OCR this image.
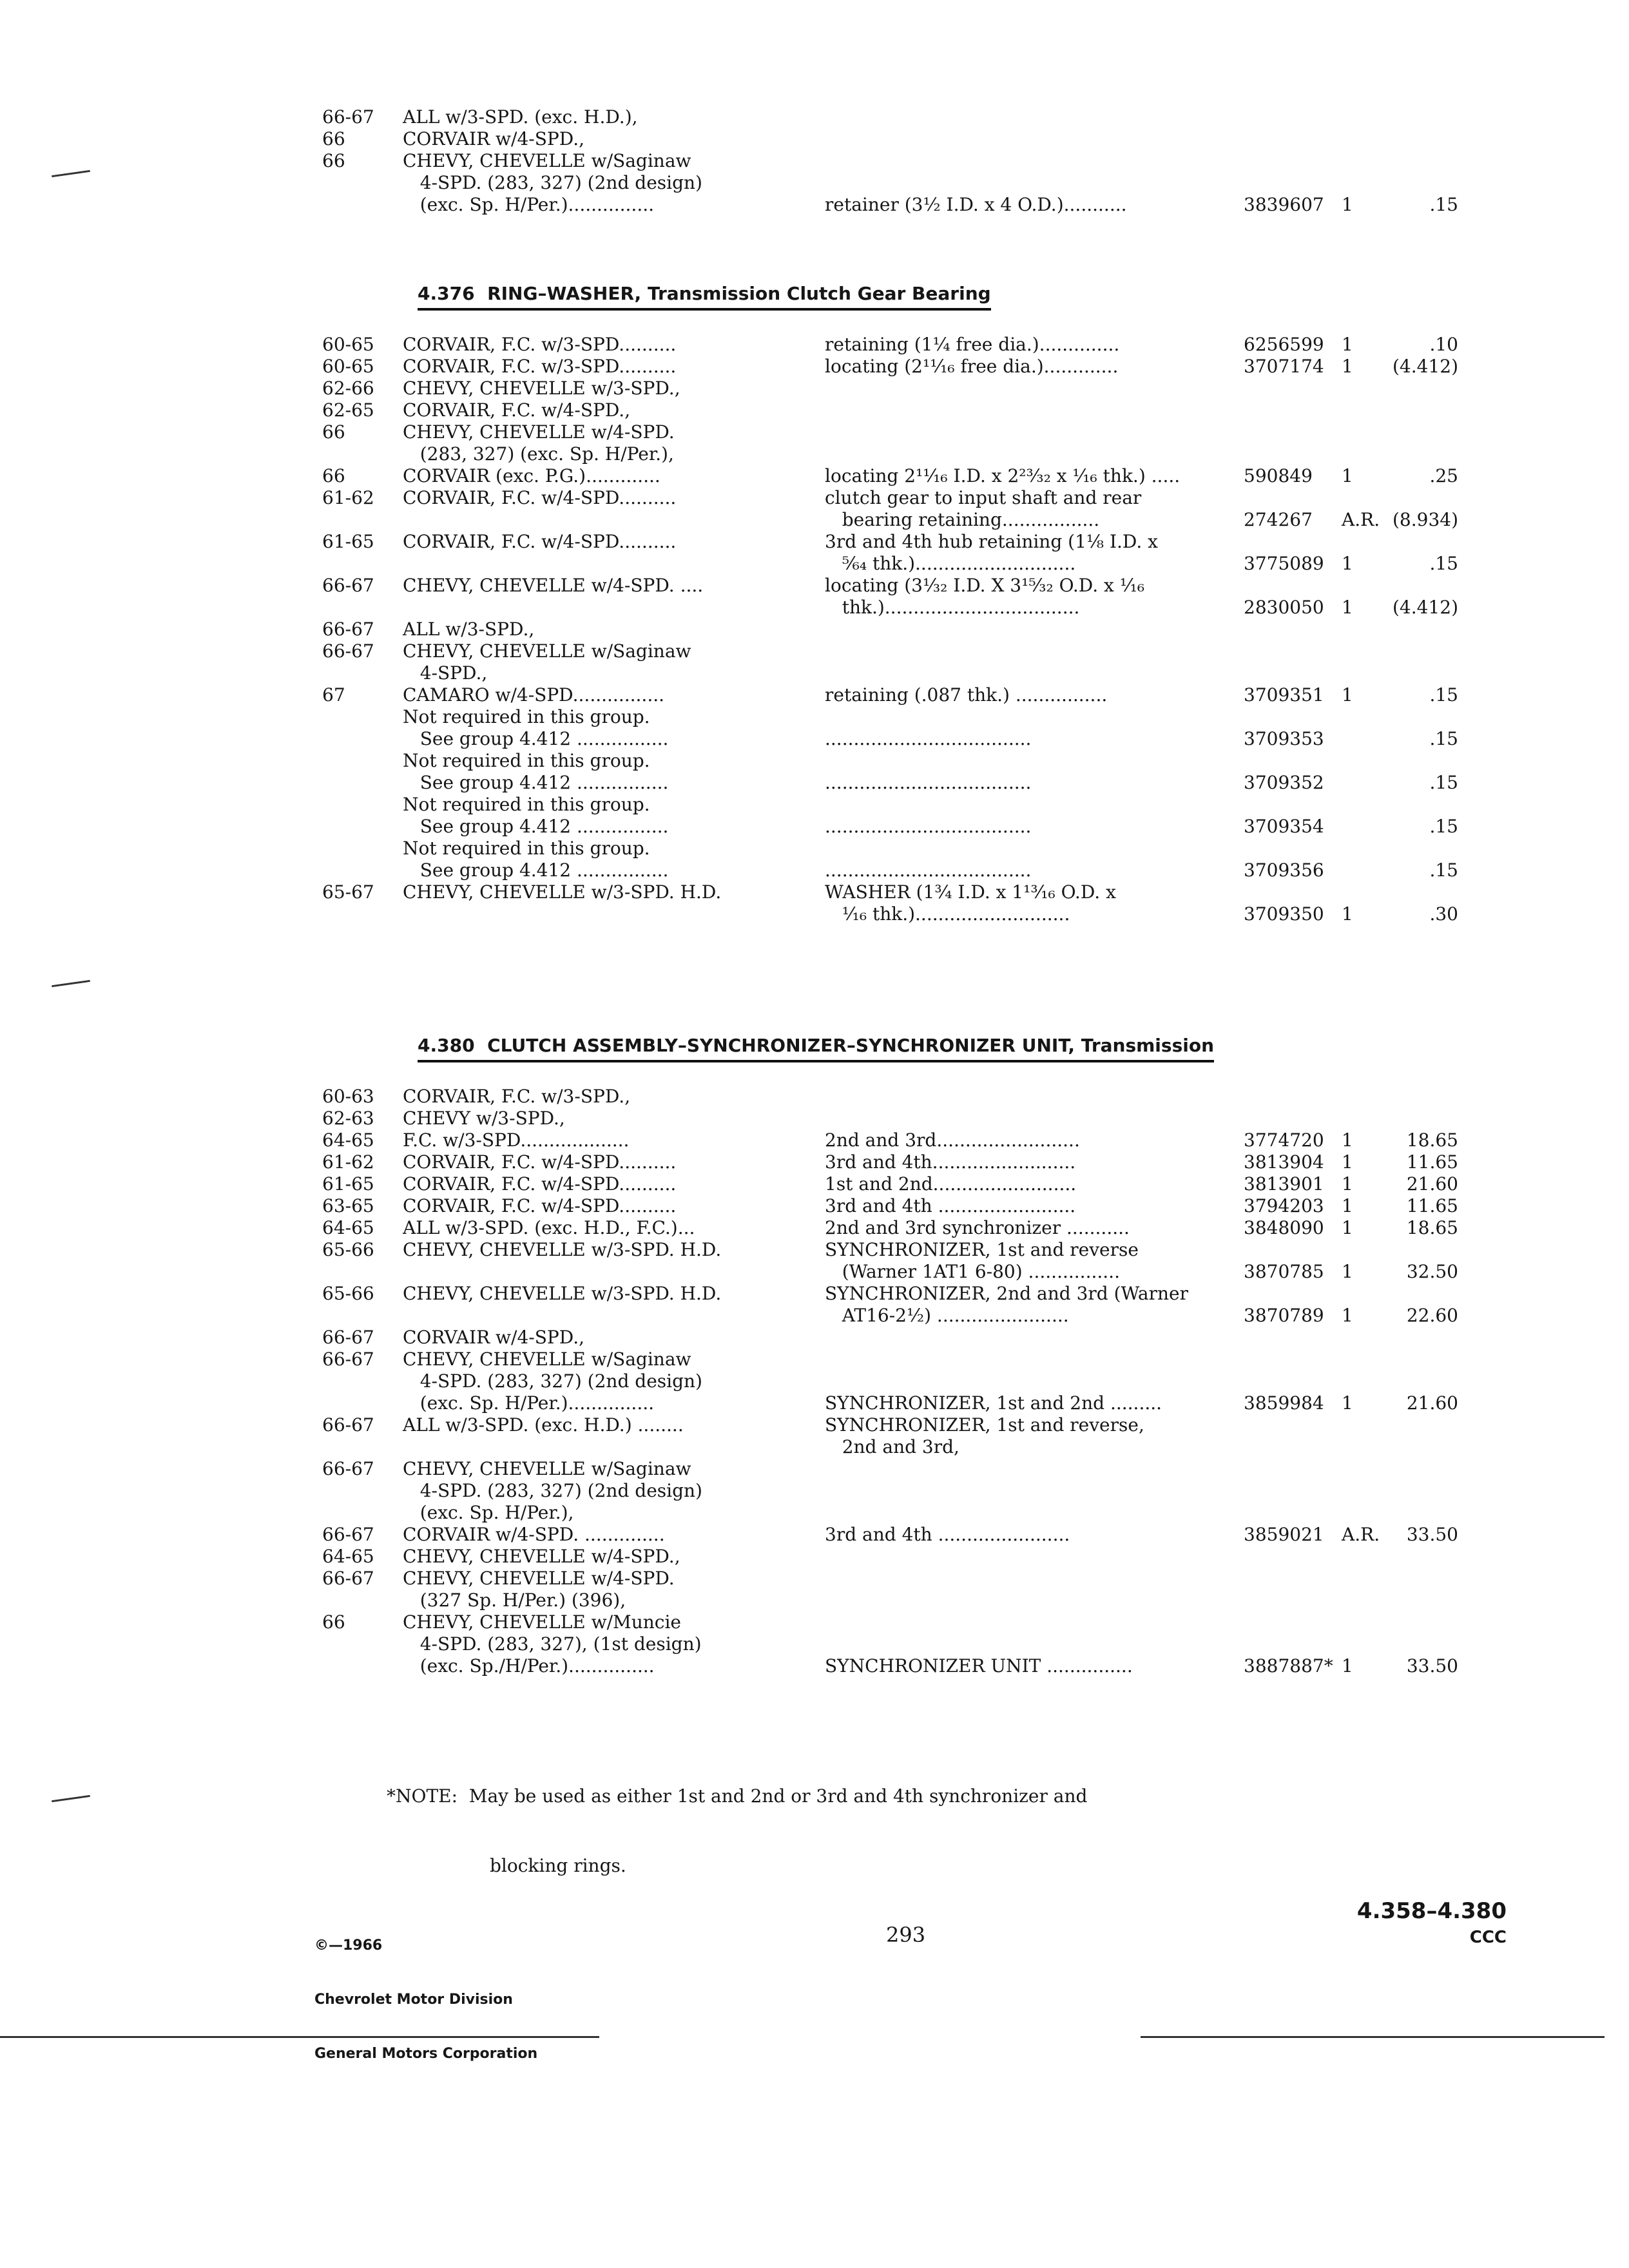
66-67 ALL w/3-SPD. (exc. H.D.),
66	CORVAIR w/4-SPD.,
66	CHEVY, CHEVELLE w/Saginaw
4-SPD. (283, 327) (2nd design)
(exc. Sp. H/Per.)...............	retainer (3½ I.D. x 4 O.D.)...........	3839607 1	.15
4.376  RING–WASHER, Transmission Clutch Gear Bearing
60-65 CORVAIR, F.C. w/3-SPD..........	retaining (1¼ free dia.)..............	6256599 1	.10
60-65 CORVAIR, F.C. w/3-SPD..........	locating (2¹¹⁄₁₆ free dia.).............	3707174 1 (4.412)
62-66 CHEVY, CHEVELLE w/3-SPD.,
62-65 CORVAIR, F.C. w/4-SPD.,
66	CHEVY, CHEVELLE w/4-SPD.
(283, 327) (exc. Sp. H/Per.),
66	CORVAIR (exc. P.G.).............	locating 2¹¹⁄₁₆ I.D. x 2²³⁄₃₂ x ¹⁄₁₆ thk.) .....	590849 1	.25
61-62 CORVAIR, F.C. w/4-SPD..........	clutch gear to input shaft and rear
bearing retaining.................	274267 A.R. (8.934)
61-65 CORVAIR, F.C. w/4-SPD..........	3rd and 4th hub retaining (1⅛ I.D. x
⁵⁄₆₄ thk.)............................	3775089 1	.15
66-67 CHEVY, CHEVELLE w/4-SPD. ....	locating (3⅓₂ I.D. X 3¹⁵⁄₃₂ O.D. x ¹⁄₁₆
thk.)..................................	2830050 1 (4.412)
66-67 ALL w/3-SPD.,
66-67 CHEVY, CHEVELLE w/Saginaw
4-SPD.,
67	CAMARO w/4-SPD................	retaining (.087 thk.) ................	3709351 1	.15
Not required in this group.
See group 4.412 ................	....................................	3709353	.15
Not required in this group.
See group 4.412 ................	....................................	3709352	.15
Not required in this group.
See group 4.412 ................	....................................	3709354	.15
Not required in this group.
See group 4.412 ................	....................................	3709356	.15
65-67 CHEVY, CHEVELLE w/3-SPD. H.D.	WASHER (1¾ I.D. x 1¹³⁄₁₆ O.D. x
¹⁄₁₆ thk.)...........................	3709350 1	.30
4.380  CLUTCH ASSEMBLY–SYNCHRONIZER–SYNCHRONIZER UNIT, Transmission
60-63 CORVAIR, F.C. w/3-SPD.,
62-63 CHEVY w/3-SPD.,
64-65 F.C. w/3-SPD...................	2nd and 3rd.........................	3774720 1	18.65
61-62 CORVAIR, F.C. w/4-SPD..........	3rd and 4th.........................	3813904 1	11.65
61-65 CORVAIR, F.C. w/4-SPD..........	1st and 2nd.........................	3813901 1	21.60
63-65 CORVAIR, F.C. w/4-SPD..........	3rd and 4th ........................	3794203 1	11.65
64-65 ALL w/3-SPD. (exc. H.D., F.C.)...	2nd and 3rd synchronizer ...........	3848090 1	18.65
65-66 CHEVY, CHEVELLE w/3-SPD. H.D.	SYNCHRONIZER, 1st and reverse
(Warner 1AT1 6-80) ................	3870785 1	32.50
65-66 CHEVY, CHEVELLE w/3-SPD. H.D.	SYNCHRONIZER, 2nd and 3rd (Warner
AT16-2½) .......................	3870789 1	22.60
66-67 CORVAIR w/4-SPD.,
66-67 CHEVY, CHEVELLE w/Saginaw
4-SPD. (283, 327) (2nd design)
(exc. Sp. H/Per.)...............	SYNCHRONIZER, 1st and 2nd .........	3859984 1	21.60
66-67 ALL w/3-SPD. (exc. H.D.) ........	SYNCHRONIZER, 1st and reverse,
2nd and 3rd,
66-67 CHEVY, CHEVELLE w/Saginaw
4-SPD. (283, 327) (2nd design)
(exc. Sp. H/Per.),
66-67 CORVAIR w/4-SPD. ..............	3rd and 4th .......................	3859021 A.R. 33.50
64-65 CHEVY, CHEVELLE w/4-SPD.,
66-67 CHEVY, CHEVELLE w/4-SPD.
(327 Sp. H/Per.) (396),
66	CHEVY, CHEVELLE w/Muncie
4-SPD. (283, 327), (1st design)
(exc. Sp./H/Per.)...............	SYNCHRONIZER UNIT ...............	3887887* 1	33.50

*NOTE:  May be used as either 1st and 2nd or 3rd and 4th synchronizer and

blocking rings.

©—1966

Chevrolet Motor Division

General Motors Corporation

293
4.358–4.380
CCC
